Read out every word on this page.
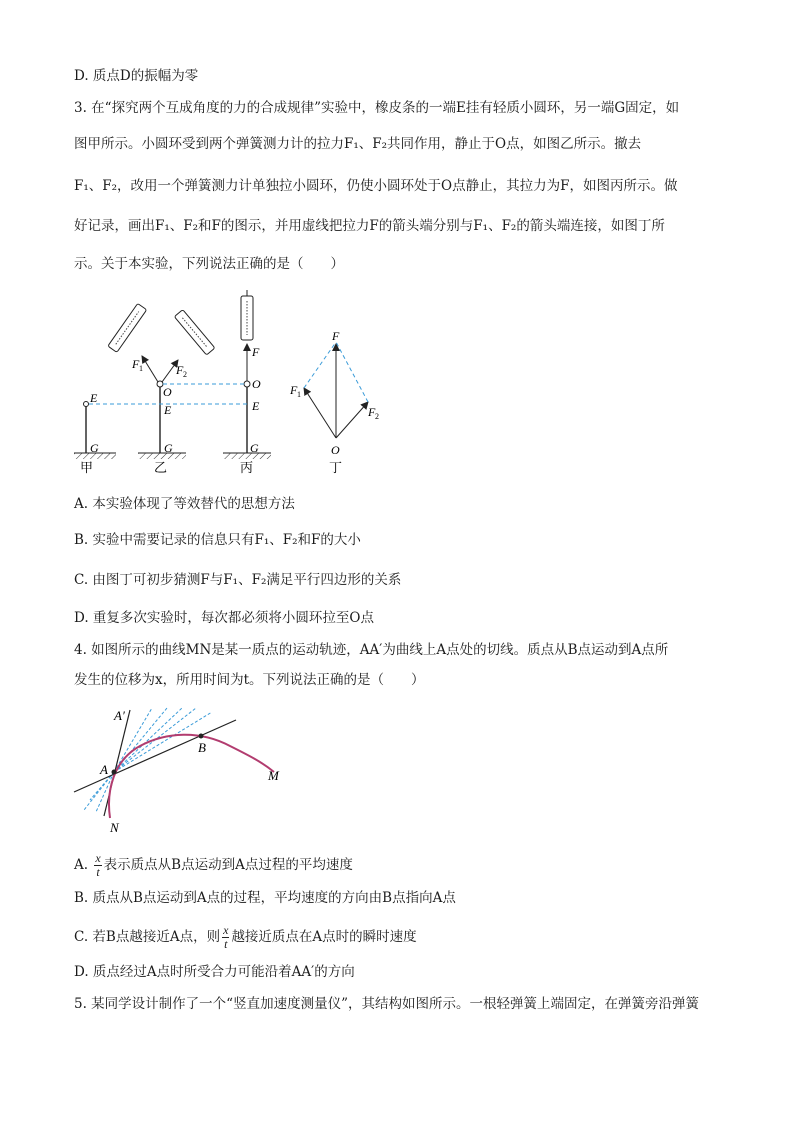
D. 质点D的振幅为零
3. 在“探究两个互成角度的力的合成规律”实验中，橡皮条的一端E挂有轻质小圆环，另一端G固定，如
图甲所示。小圆环受到两个弹簧测力计的拉力F₁、F₂共同作用，静止于O点，如图乙所示。撤去
F₁、F₂，改用一个弹簧测力计单独拉小圆环，仍使小圆环处于O点静止，其拉力为F，如图丙所示。做
好记录，画出F₁、F₂和F的图示，并用虚线把拉力F的箭头端分别与F₁、F₂的箭头端连接，如图丁所
示。关于本实验，下列说法正确的是（　　）
E
G
E
G
O
F 1	F 2
O
E
G
F
F
F 1
F 2
O
甲	乙	丙	丁
A. 本实验体现了等效替代的思想方法
B. 实验中需要记录的信息只有F₁、F₂和F的大小
C. 由图丁可初步猜测F与F₁、F₂满足平行四边形的关系
D. 重复多次实验时，每次都必须将小圆环拉至O点
4. 如图所示的曲线MN是某一质点的运动轨迹，AA′为曲线上A点处的切线。质点从B点运动到A点所
发生的位移为x，所用时间为t。下列说法正确的是（　　）
A′
A
B
M
N
A. $\frac{x}{t}$ 表示质点从B点运动到A点过程的平均速度
B. 质点从B点运动到A点的过程，平均速度的方向由B点指向A点
C. 若B点越接近A点，则 $\frac{x}{t}$ 越接近质点在A点时的瞬时速度
D. 质点经过A点时所受合力可能沿着AA′的方向
5. 某同学设计制作了一个“竖直加速度测量仪”，其结构如图所示。一根轻弹簧上端固定，在弹簧旁沿弹簧
